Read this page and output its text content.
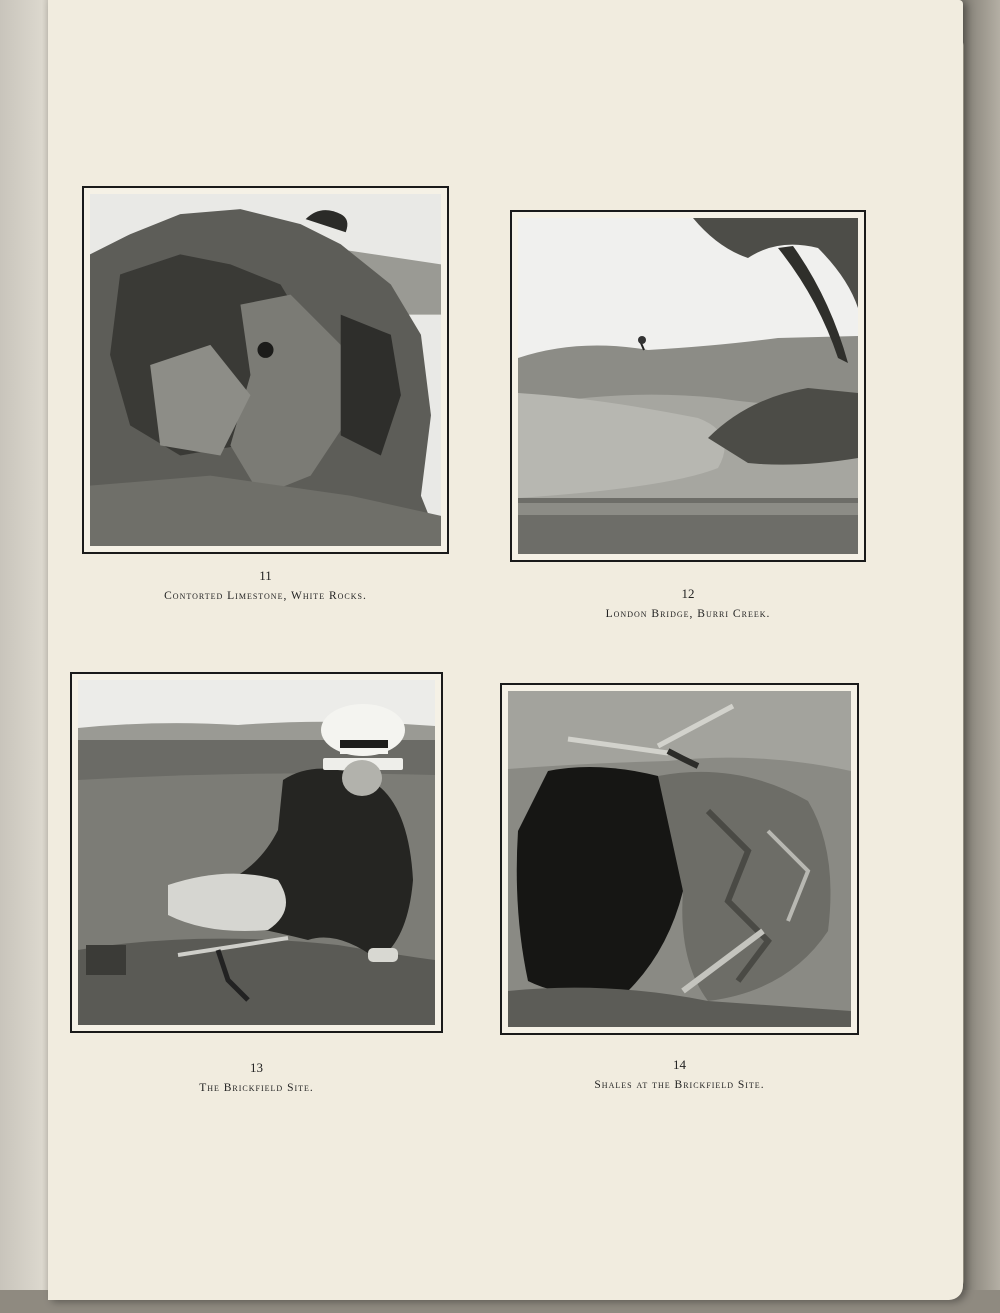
11
Contorted Limestone, White Rocks.	12
London Bridge, Burri Creek.
13
The Brickfield Site.
14
Shales at the Brickfield Site.
